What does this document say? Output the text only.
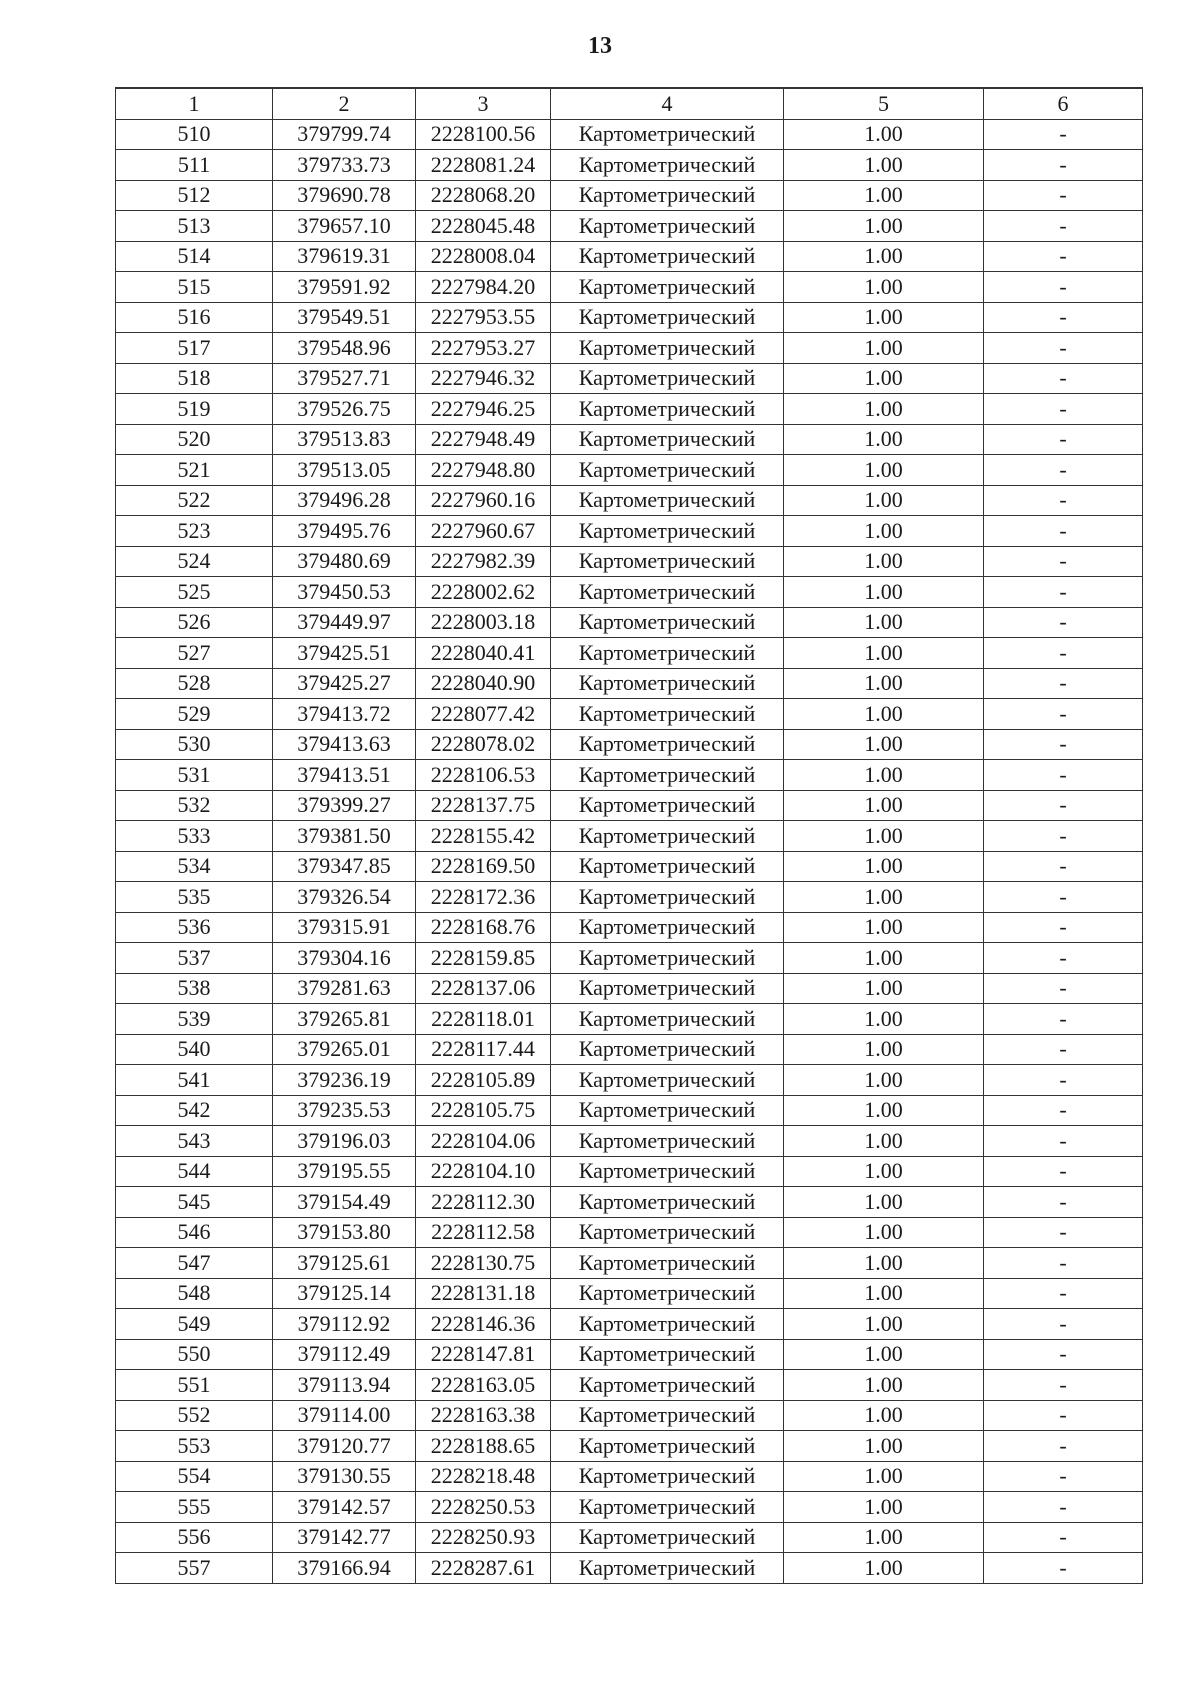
13
1	2	3	4	5	6
510	379799.74	2228100.56	Картометрический	1.00	-
511	379733.73	2228081.24	Картометрический	1.00	-
512	379690.78	2228068.20	Картометрический	1.00	-
513	379657.10	2228045.48	Картометрический	1.00	-
514	379619.31	2228008.04	Картометрический	1.00	-
515	379591.92	2227984.20	Картометрический	1.00	-
516	379549.51	2227953.55	Картометрический	1.00	-
517	379548.96	2227953.27	Картометрический	1.00	-
518	379527.71	2227946.32	Картометрический	1.00	-
519	379526.75	2227946.25	Картометрический	1.00	-
520	379513.83	2227948.49	Картометрический	1.00	-
521	379513.05	2227948.80	Картометрический	1.00	-
522	379496.28	2227960.16	Картометрический	1.00	-
523	379495.76	2227960.67	Картометрический	1.00	-
524	379480.69	2227982.39	Картометрический	1.00	-
525	379450.53	2228002.62	Картометрический	1.00	-
526	379449.97	2228003.18	Картометрический	1.00	-
527	379425.51	2228040.41	Картометрический	1.00	-
528	379425.27	2228040.90	Картометрический	1.00	-
529	379413.72	2228077.42	Картометрический	1.00	-
530	379413.63	2228078.02	Картометрический	1.00	-
531	379413.51	2228106.53	Картометрический	1.00	-
532	379399.27	2228137.75	Картометрический	1.00	-
533	379381.50	2228155.42	Картометрический	1.00	-
534	379347.85	2228169.50	Картометрический	1.00	-
535	379326.54	2228172.36	Картометрический	1.00	-
536	379315.91	2228168.76	Картометрический	1.00	-
537	379304.16	2228159.85	Картометрический	1.00	-
538	379281.63	2228137.06	Картометрический	1.00	-
539	379265.81	2228118.01	Картометрический	1.00	-
540	379265.01	2228117.44	Картометрический	1.00	-
541	379236.19	2228105.89	Картометрический	1.00	-
542	379235.53	2228105.75	Картометрический	1.00	-
543	379196.03	2228104.06	Картометрический	1.00	-
544	379195.55	2228104.10	Картометрический	1.00	-
545	379154.49	2228112.30	Картометрический	1.00	-
546	379153.80	2228112.58	Картометрический	1.00	-
547	379125.61	2228130.75	Картометрический	1.00	-
548	379125.14	2228131.18	Картометрический	1.00	-
549	379112.92	2228146.36	Картометрический	1.00	-
550	379112.49	2228147.81	Картометрический	1.00	-
551	379113.94	2228163.05	Картометрический	1.00	-
552	379114.00	2228163.38	Картометрический	1.00	-
553	379120.77	2228188.65	Картометрический	1.00	-
554	379130.55	2228218.48	Картометрический	1.00	-
555	379142.57	2228250.53	Картометрический	1.00	-
556	379142.77	2228250.93	Картометрический	1.00	-
557	379166.94	2228287.61	Картометрический	1.00	-
